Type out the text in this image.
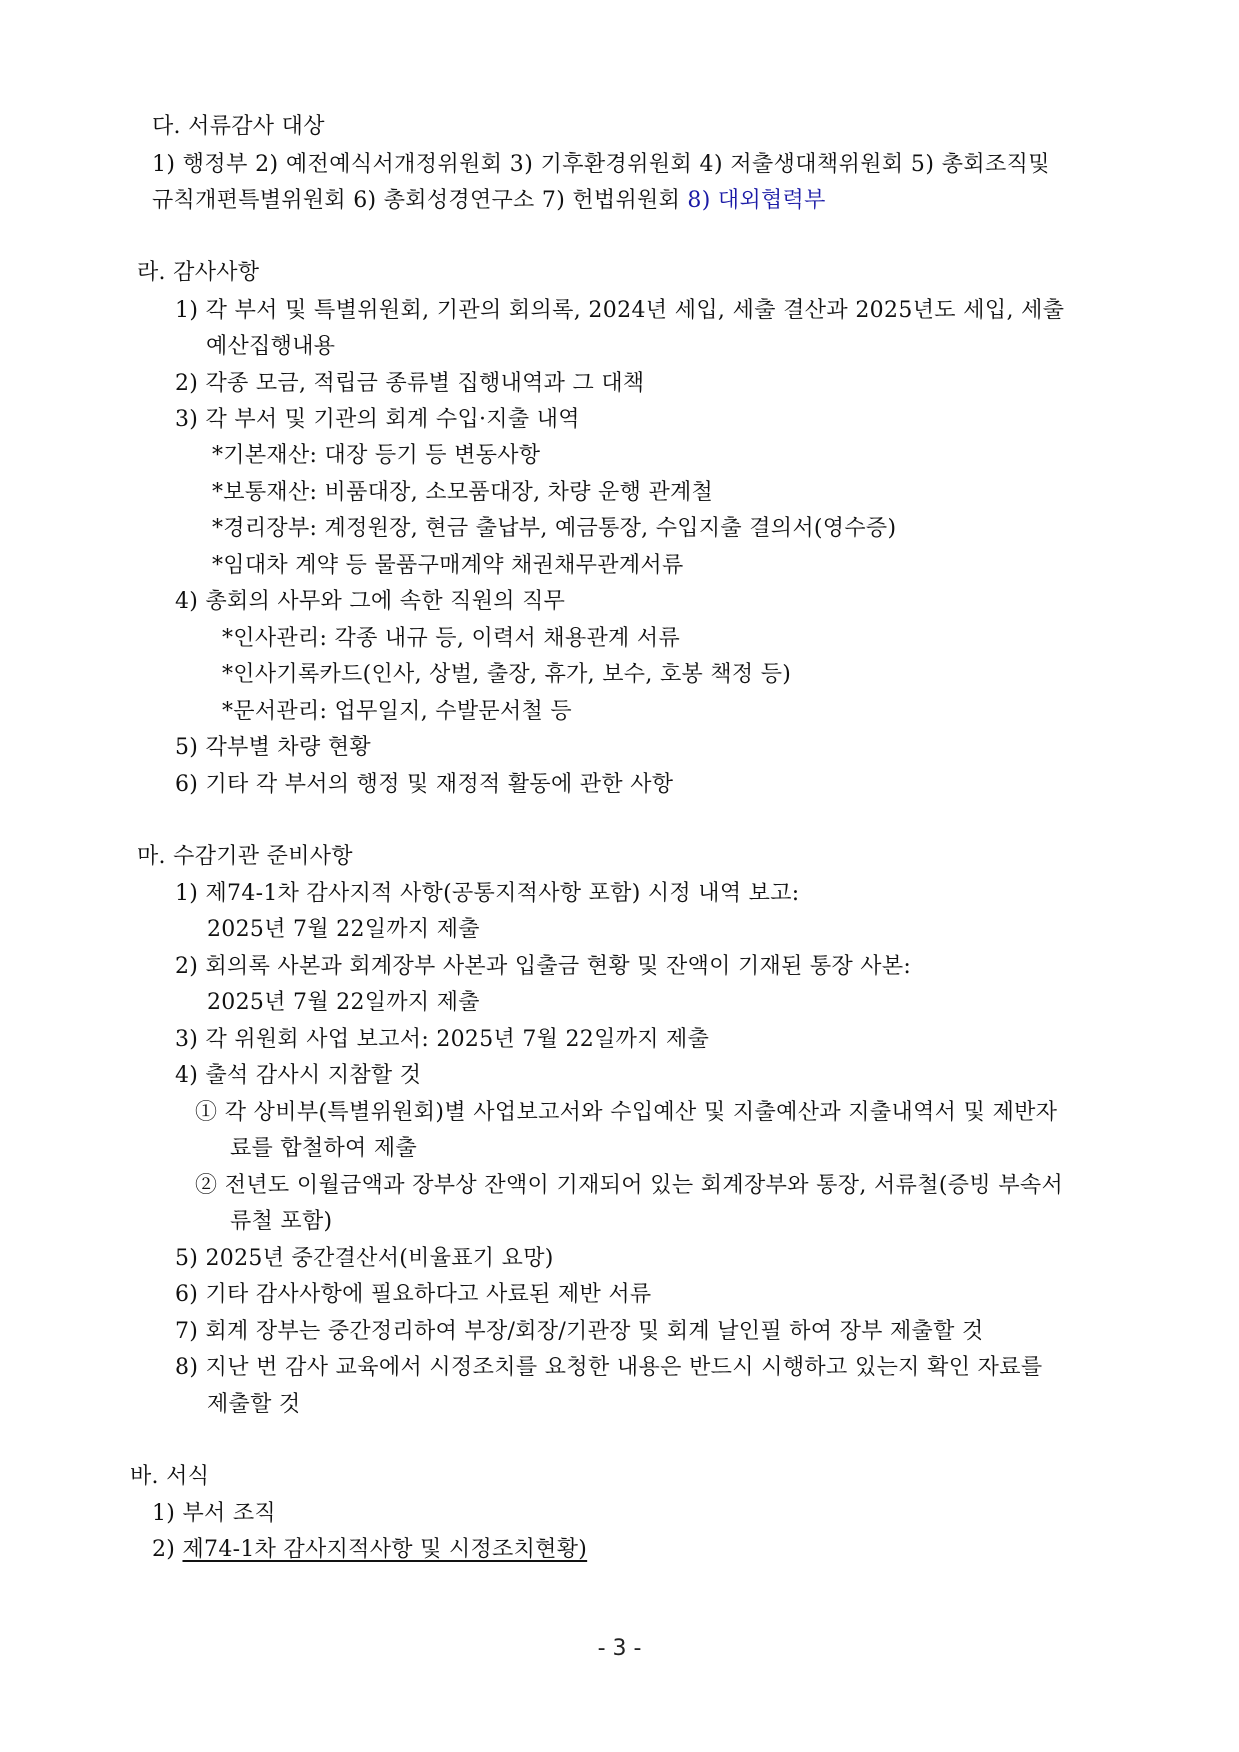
다. 서류감사 대상
1) 행정부 2) 예전예식서개정위원회 3) 기후환경위원회 4) 저출생대책위원회 5) 총회조직및
규칙개편특별위원회 6) 총회성경연구소 7) 헌법위원회 8) 대외협력부
라. 감사사항
1) 각 부서 및 특별위원회, 기관의 회의록, 2024년 세입, 세출 결산과 2025년도 세입, 세출
예산집행내용
2) 각종 모금, 적립금 종류별 집행내역과 그 대책
3) 각 부서 및 기관의 회계 수입·지출 내역
*기본재산: 대장 등기 등 변동사항
*보통재산: 비품대장, 소모품대장, 차량 운행 관계철
*경리장부: 계정원장, 현금 출납부, 예금통장, 수입지출 결의서(영수증)
*임대차 계약 등 물품구매계약 채권채무관계서류
4) 총회의 사무와 그에 속한 직원의 직무
*인사관리: 각종 내규 등, 이력서 채용관계 서류
*인사기록카드(인사, 상벌, 출장, 휴가, 보수, 호봉 책정 등)
*문서관리: 업무일지, 수발문서철 등
5) 각부별 차량 현황
6) 기타 각 부서의 행정 및 재정적 활동에 관한 사항
마. 수감기관 준비사항
1) 제74-1차 감사지적 사항(공통지적사항 포함) 시정 내역 보고:
2025년 7월 22일까지 제출
2) 회의록 사본과 회계장부 사본과 입출금 현황 및 잔액이 기재된 통장 사본:
2025년 7월 22일까지 제출
3) 각 위원회 사업 보고서: 2025년 7월 22일까지 제출
4) 출석 감사시 지참할 것
① 각 상비부(특별위원회)별 사업보고서와 수입예산 및 지출예산과 지출내역서 및 제반자
료를 합철하여 제출
② 전년도 이월금액과 장부상 잔액이 기재되어 있는 회계장부와 통장, 서류철(증빙 부속서
류철 포함)
5) 2025년 중간결산서(비율표기 요망)
6) 기타 감사사항에 필요하다고 사료된 제반 서류
7) 회계 장부는 중간정리하여 부장/회장/기관장 및 회계 날인필 하여 장부 제출할 것
8) 지난 번 감사 교육에서 시정조치를 요청한 내용은 반드시 시행하고 있는지 확인 자료를
제출할 것
바. 서식
1) 부서 조직
2) 제74-1차 감사지적사항 및 시정조치현황)
- 3 -
